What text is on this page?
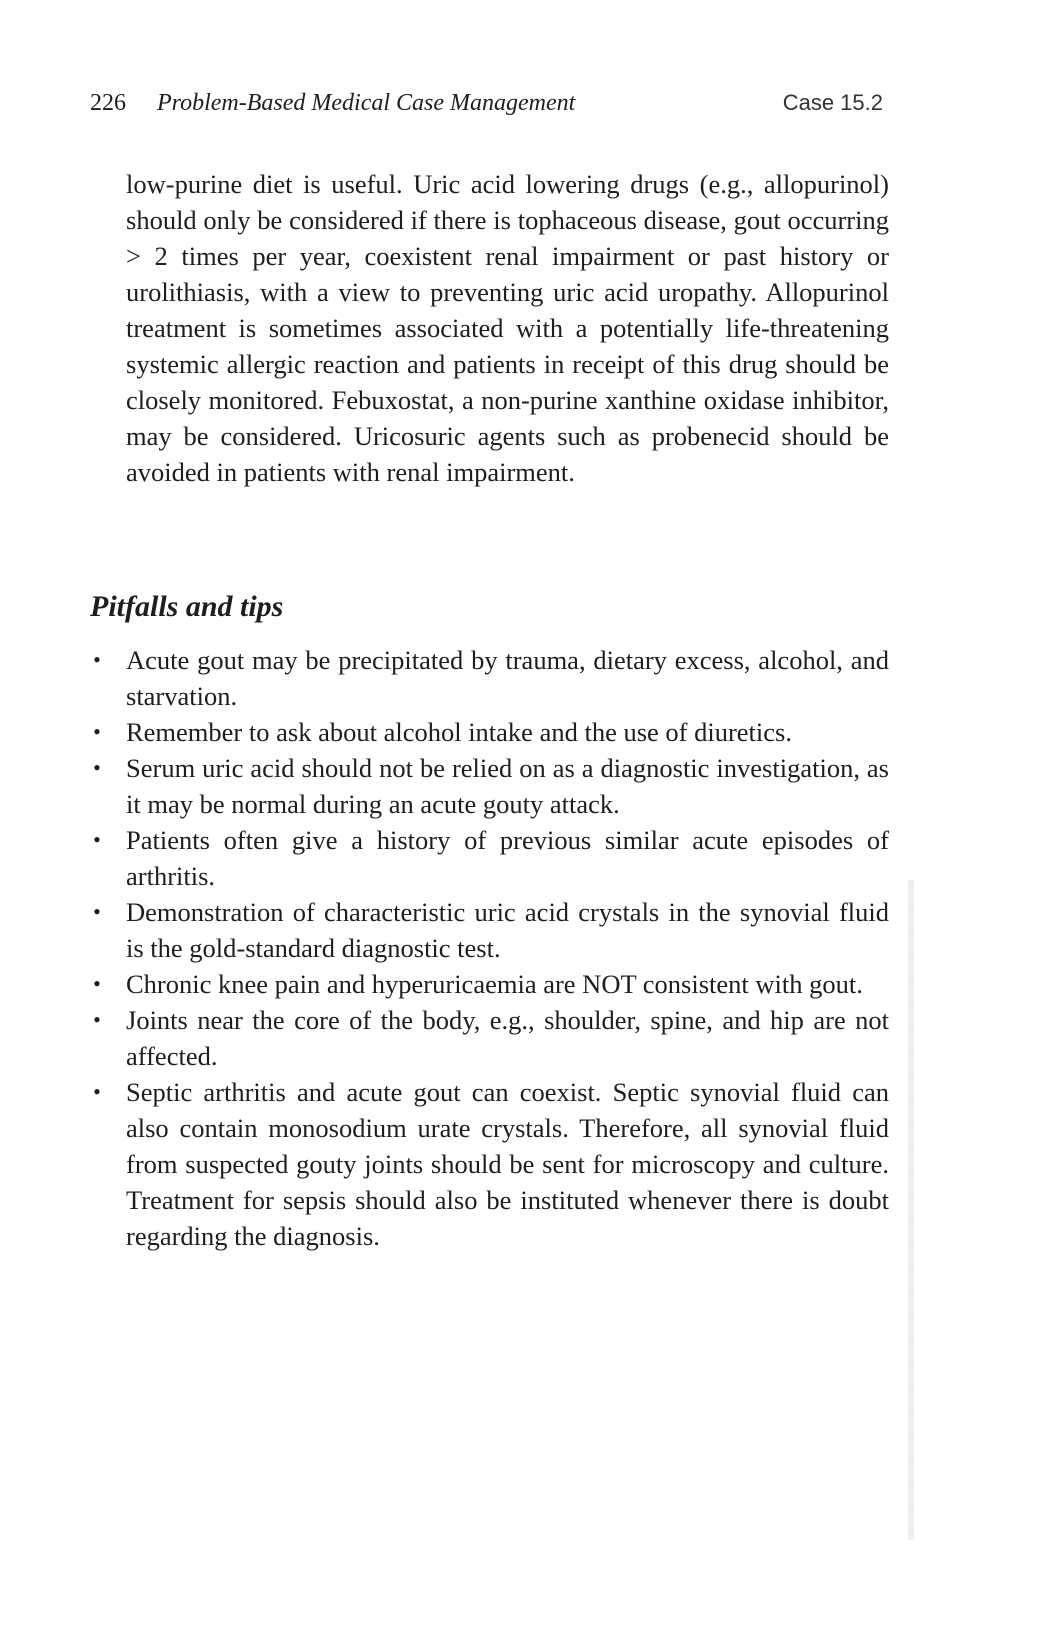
226 Problem-Based Medical Case Management	Case 15.2

low-purine diet is useful. Uric acid lowering drugs (e.g., allopurinol) should only be considered if there is tophaceous disease, gout occurring > 2 times per year, coexistent renal impairment or past history or urolithiasis, with a view to preventing uric acid uropathy. Allopurinol treatment is sometimes associated with a potentially life-threatening systemic allergic reaction and patients in receipt of this drug should be closely monitored. Febuxostat, a non-purine xanthine oxidase inhibitor, may be considered. Uricosuric agents such as probenecid should be avoided in patients with renal impairment.

Pitfalls and tips
• Acute gout may be precipitated by trauma, dietary excess, alcohol, and starvation.
• Remember to ask about alcohol intake and the use of diuretics.
• Serum uric acid should not be relied on as a diagnostic investigation, as it may be normal during an acute gouty attack.
• Patients often give a history of previous similar acute episodes of arthritis.
• Demonstration of characteristic uric acid crystals in the synovial fluid is the gold-standard diagnostic test.
• Chronic knee pain and hyperuricaemia are NOT consistent with gout.
• Joints near the core of the body, e.g., shoulder, spine, and hip are not affected.
• Septic arthritis and acute gout can coexist. Septic synovial fluid can also contain monosodium urate crystals. Therefore, all synovial fluid from suspected gouty joints should be sent for microscopy and culture. Treatment for sepsis should also be instituted whenever there is doubt regarding the diagnosis.
